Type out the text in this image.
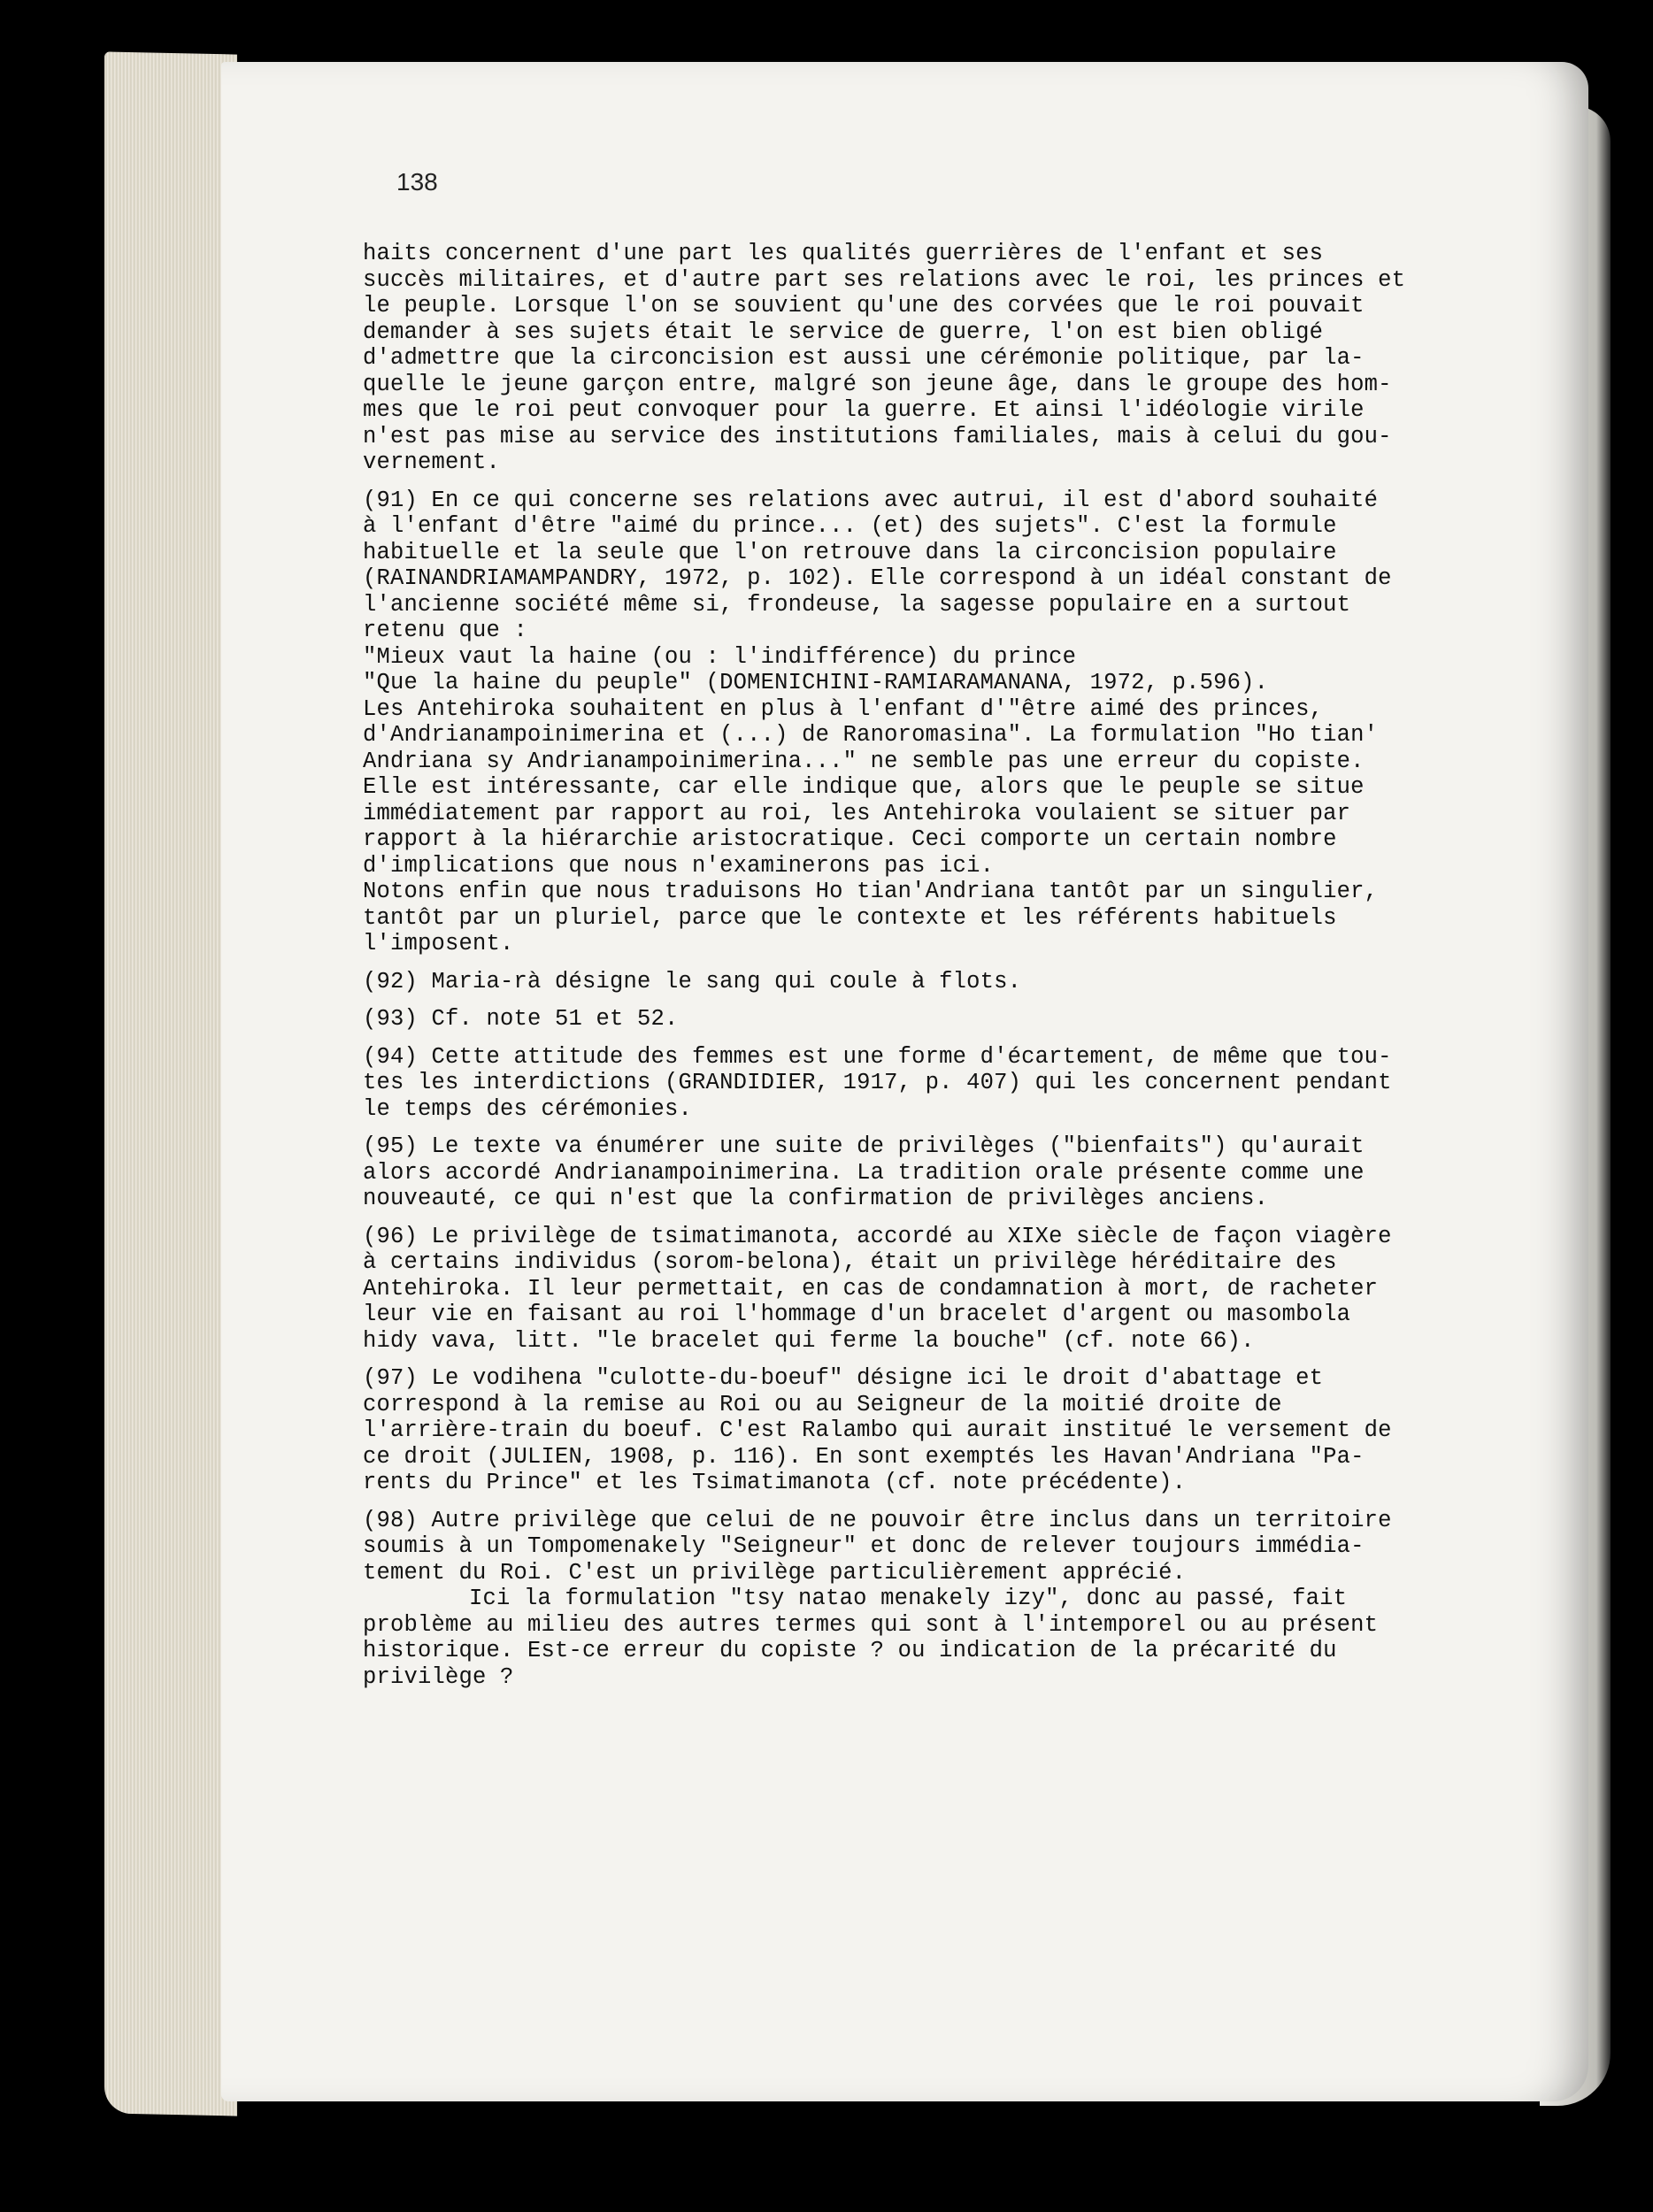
138

haits concernent d'une part les qualités guerrières de l'enfant et ses
succès militaires, et d'autre part ses relations avec le roi, les princes et
le peuple. Lorsque l'on se souvient qu'une des corvées que le roi pouvait
demander à ses sujets était le service de guerre, l'on est bien obligé
d'admettre que la circoncision est aussi une cérémonie politique, par la-
quelle le jeune garçon entre, malgré son jeune âge, dans le groupe des hom-
mes que le roi peut convoquer pour la guerre. Et ainsi l'idéologie virile
n'est pas mise au service des institutions familiales, mais à celui du gou-
vernement.

(91) En ce qui concerne ses relations avec autrui, il est d'abord souhaité
à l'enfant d'être "aimé du prince... (et) des sujets". C'est la formule
habituelle et la seule que l'on retrouve dans la circoncision populaire
(RAINANDRIAMAMPANDRY, 1972, p. 102). Elle correspond à un idéal constant de
l'ancienne société même si, frondeuse, la sagesse populaire en a surtout
retenu que :
"Mieux vaut la haine (ou : l'indifférence) du prince
"Que la haine du peuple" (DOMENICHINI-RAMIARAMANANA, 1972, p.596).
Les Antehiroka souhaitent en plus à l'enfant d'"être aimé des princes,
d'Andrianampoinimerina et (...) de Ranoromasina". La formulation "Ho tian'
Andriana sy Andrianampoinimerina..." ne semble pas une erreur du copiste.
Elle est intéressante, car elle indique que, alors que le peuple se situe
immédiatement par rapport au roi, les Antehiroka voulaient se situer par
rapport à la hiérarchie aristocratique. Ceci comporte un certain nombre
d'implications que nous n'examinerons pas ici.
Notons enfin que nous traduisons Ho tian'Andriana tantôt par un singulier,
tantôt par un pluriel, parce que le contexte et les référents habituels
l'imposent.

(92) Maria-rà désigne le sang qui coule à flots.

(93) Cf. note 51 et 52.

(94) Cette attitude des femmes est une forme d'écartement, de même que tou-
tes les interdictions (GRANDIDIER, 1917, p. 407) qui les concernent pendant
le temps des cérémonies.

(95) Le texte va énumérer une suite de privilèges ("bienfaits") qu'aurait
alors accordé Andrianampoinimerina. La tradition orale présente comme une
nouveauté, ce qui n'est que la confirmation de privilèges anciens.

(96) Le privilège de tsimatimanota, accordé au XIXe siècle de façon viagère
à certains individus (sorom-belona), était un privilège héréditaire des
Antehiroka. Il leur permettait, en cas de condamnation à mort, de racheter
leur vie en faisant au roi l'hommage d'un bracelet d'argent ou masombola
hidy vava, litt. "le bracelet qui ferme la bouche" (cf. note 66).

(97) Le vodihena "culotte-du-boeuf" désigne ici le droit d'abattage et
correspond à la remise au Roi ou au Seigneur de la moitié droite de
l'arrière-train du boeuf. C'est Ralambo qui aurait institué le versement de
ce droit (JULIEN, 1908, p. 116). En sont exemptés les Havan'Andriana "Pa-
rents du Prince" et les Tsimatimanota (cf. note précédente).

(98) Autre privilège que celui de ne pouvoir être inclus dans un territoire
soumis à un Tompomenakely "Seigneur" et donc de relever toujours immédia-
tement du Roi. C'est un privilège particulièrement apprécié.

Ici la formulation "tsy natao menakely izy", donc au passé, fait
problème au milieu des autres termes qui sont à l'intemporel ou au présent
historique. Est-ce erreur du copiste ? ou indication de la précarité du
privilège ?
